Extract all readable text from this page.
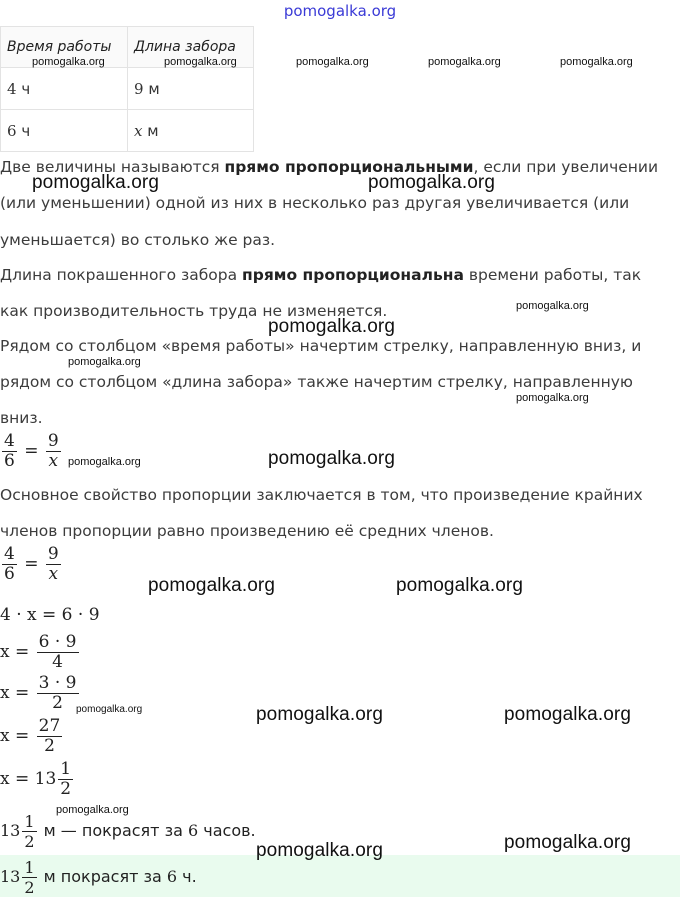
pomogalka.org
Время работы	Длина забора
4 ч	9 м
6 ч	x м
Две величины называются прямо пропорциональными, если при увеличении
(или уменьшении) одной из них в несколько раз другая увеличивается (или
уменьшается) во столько же раз.
Длина покрашенного забора прямо пропорциональна времени работы, так
как производительность труда не изменяется.
Рядом со столбцом «время работы» начертим стрелку, направленную вниз, и
рядом со столбцом «длина забора» также начертим стрелку, направленную
вниз.
$\frac{4}{6} = \frac{9}{x}$
Основное свойство пропорции заключается в том, что произведение крайних
членов пропорции равно произведению её средних членов.
$\frac{4}{6} = \frac{9}{x}$
4 · x = 6 · 9
$x = \frac{6 \cdot 9}{4}$
$x = \frac{3 \cdot 9}{2}$
$x = \frac{27}{2}$
$x = 13 \frac{1}{2}$
$13 \frac{1}{2}$ м — покрасят за 6 часов.
$13 \frac{1}{2}$ м покрасят за 6 ч.
pomogalka.org	pomogalka.org	pomogalka.org	pomogalka.org	pomogalka.org
pomogalka.org
pomogalka.org
pomogalka.org
pomogalka.org
pomogalka.org
pomogalka.org
pomogalka.org	pomogalka.org
pomogalka.org
pomogalka.org
pomogalka.org	pomogalka.org
pomogalka.org	pomogalka.org
pomogalka.org
pomogalka.org
